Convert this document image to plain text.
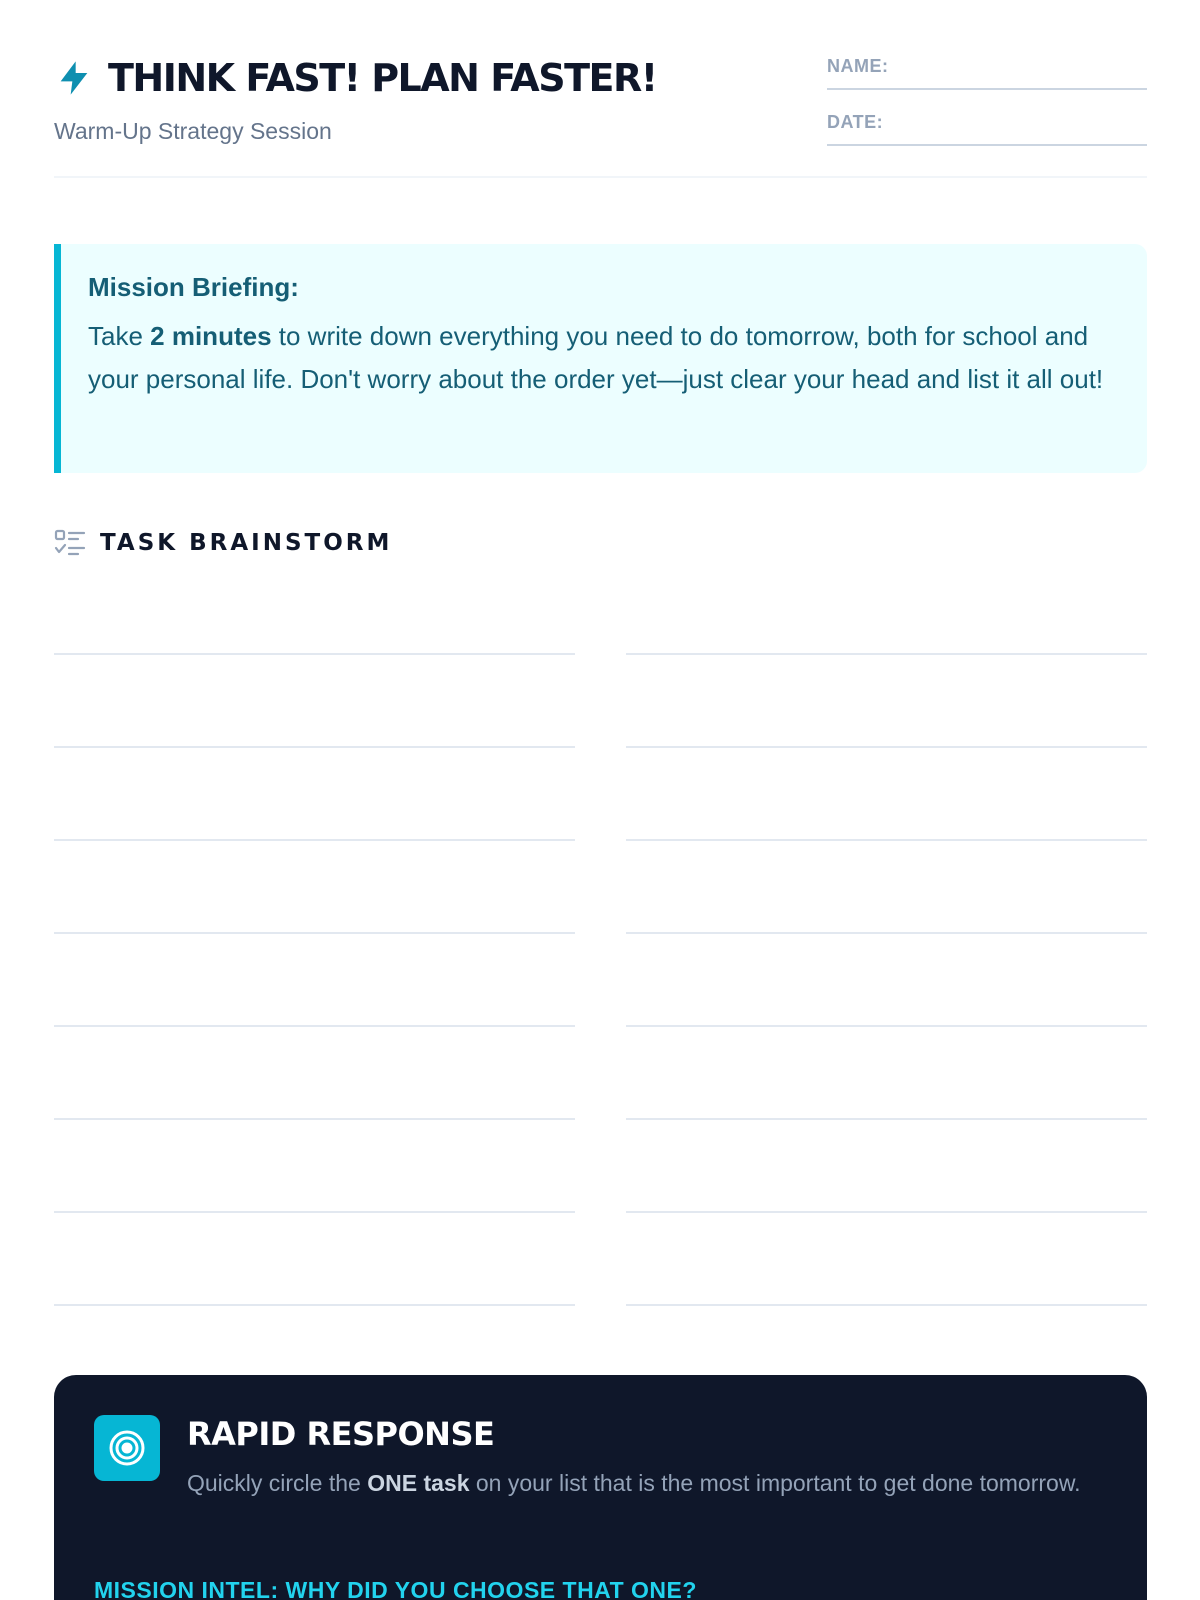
THINK FAST! PLAN FASTER!
Warm-Up Strategy Session
NAME:
DATE:

Mission Briefing:

Take 2 minutes to write down everything you need to do tomorrow, both for school and your personal life. Don't worry about the order yet—just clear your head and list it all out!

TASK BRAINSTORM
RAPID RESPONSE

Quickly circle the ONE task on your list that is the most important to get done tomorrow.

MISSION INTEL: WHY DID YOU CHOOSE THAT ONE?
